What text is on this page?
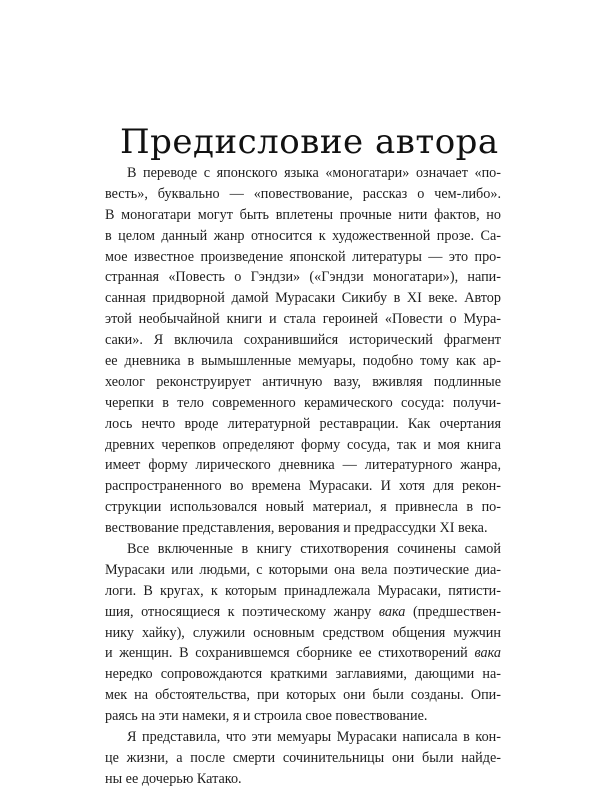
Предисловие автора
В переводе с японского языка «моногатари» означает «по-
весть», буквально — «повествование, рассказ о чем-либо».
В моногатари могут быть вплетены прочные нити фактов, но
в целом данный жанр относится к художественной прозе. Са-
мое известное произведение японской литературы — это про-
странная «Повесть о Гэндзи» («Гэндзи моногатари»), напи-
санная придворной дамой Мурасаки Сикибу в XI веке. Автор
этой необычайной книги и стала героиней «Повести о Мура-
саки». Я включила сохранившийся исторический фрагмент
ее дневника в вымышленные мемуары, подобно тому как ар-
хеолог реконструирует античную вазу, вживляя подлинные
черепки в тело современного керамического сосуда: получи-
лось нечто вроде литературной реставрации. Как очертания
древних черепков определяют форму сосуда, так и моя книга
имеет форму лирического дневника — литературного жанра,
распространенного во времена Мурасаки. И хотя для рекон-
струкции использовался новый материал, я привнесла в по-
вествование представления, верования и предрассудки XI века.
Все включенные в книгу стихотворения сочинены самой
Мурасаки или людьми, с которыми она вела поэтические диа-
логи. В кругах, к которым принадлежала Мурасаки, пятисти-
шия, относящиеся к поэтическому жанру вака (предшествен-
нику хайку), служили основным средством общения мужчин
и женщин. В сохранившемся сборнике ее стихотворений вака
нередко сопровождаются краткими заглавиями, дающими на-
мек на обстоятельства, при которых они были созданы. Опи-
раясь на эти намеки, я и строила свое повествование.
Я представила, что эти мемуары Мурасаки написала в кон-
це жизни, а после смерти сочинительницы они были найде-
ны ее дочерью Катако.
